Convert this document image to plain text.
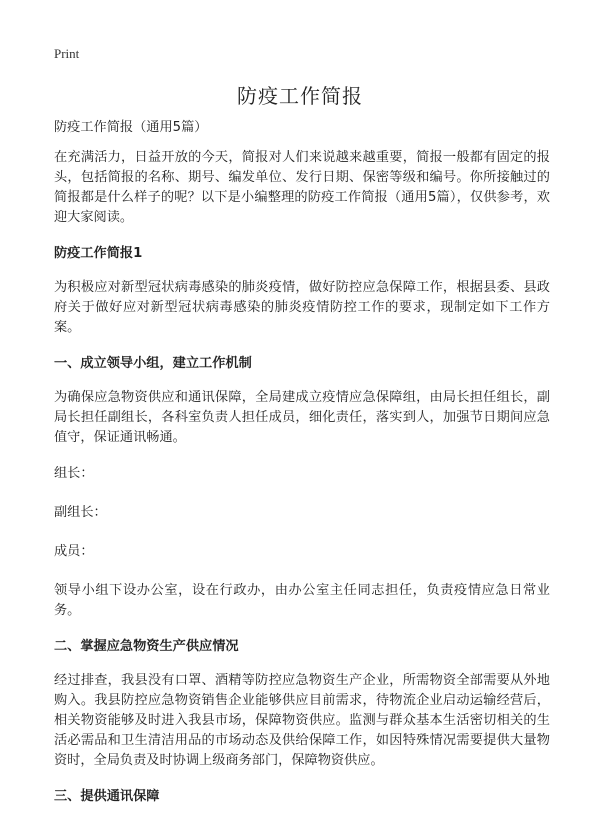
Print
防疫工作简报
防疫工作简报（通用5篇）

在充满活力，日益开放的今天，简报对人们来说越来越重要，简报一般都有固定的报头，包括简报的名称、期号、编发单位、发行日期、保密等级和编号。你所接触过的简报都是什么样子的呢？以下是小编整理的防疫工作简报（通用5篇），仅供参考，欢迎大家阅读。

防疫工作简报1

为积极应对新型冠状病毒感染的肺炎疫情，做好防控应急保障工作，根据县委、县政府关于做好应对新型冠状病毒感染的肺炎疫情防控工作的要求，现制定如下工作方案。

一、成立领导小组，建立工作机制

为确保应急物资供应和通讯保障，全局建成立疫情应急保障组，由局长担任组长，副局长担任副组长，各科室负责人担任成员，细化责任，落实到人，加强节日期间应急值守，保证通讯畅通。

组长：
副组长：
成员：

领导小组下设办公室，设在行政办，由办公室主任同志担任，负责疫情应急日常业务。

二、掌握应急物资生产供应情况

经过排查，我县没有口罩、酒精等防控应急物资生产企业，所需物资全部需要从外地购入。我县防控应急物资销售企业能够供应目前需求，待物流企业启动运输经营后，相关物资能够及时进入我县市场，保障物资供应。监测与群众基本生活密切相关的生活必需品和卫生清洁用品的市场动态及供给保障工作，如因特殊情况需要提供大量物资时，全局负责及时协调上级商务部门，保障物资供应。

三、提供通讯保障
